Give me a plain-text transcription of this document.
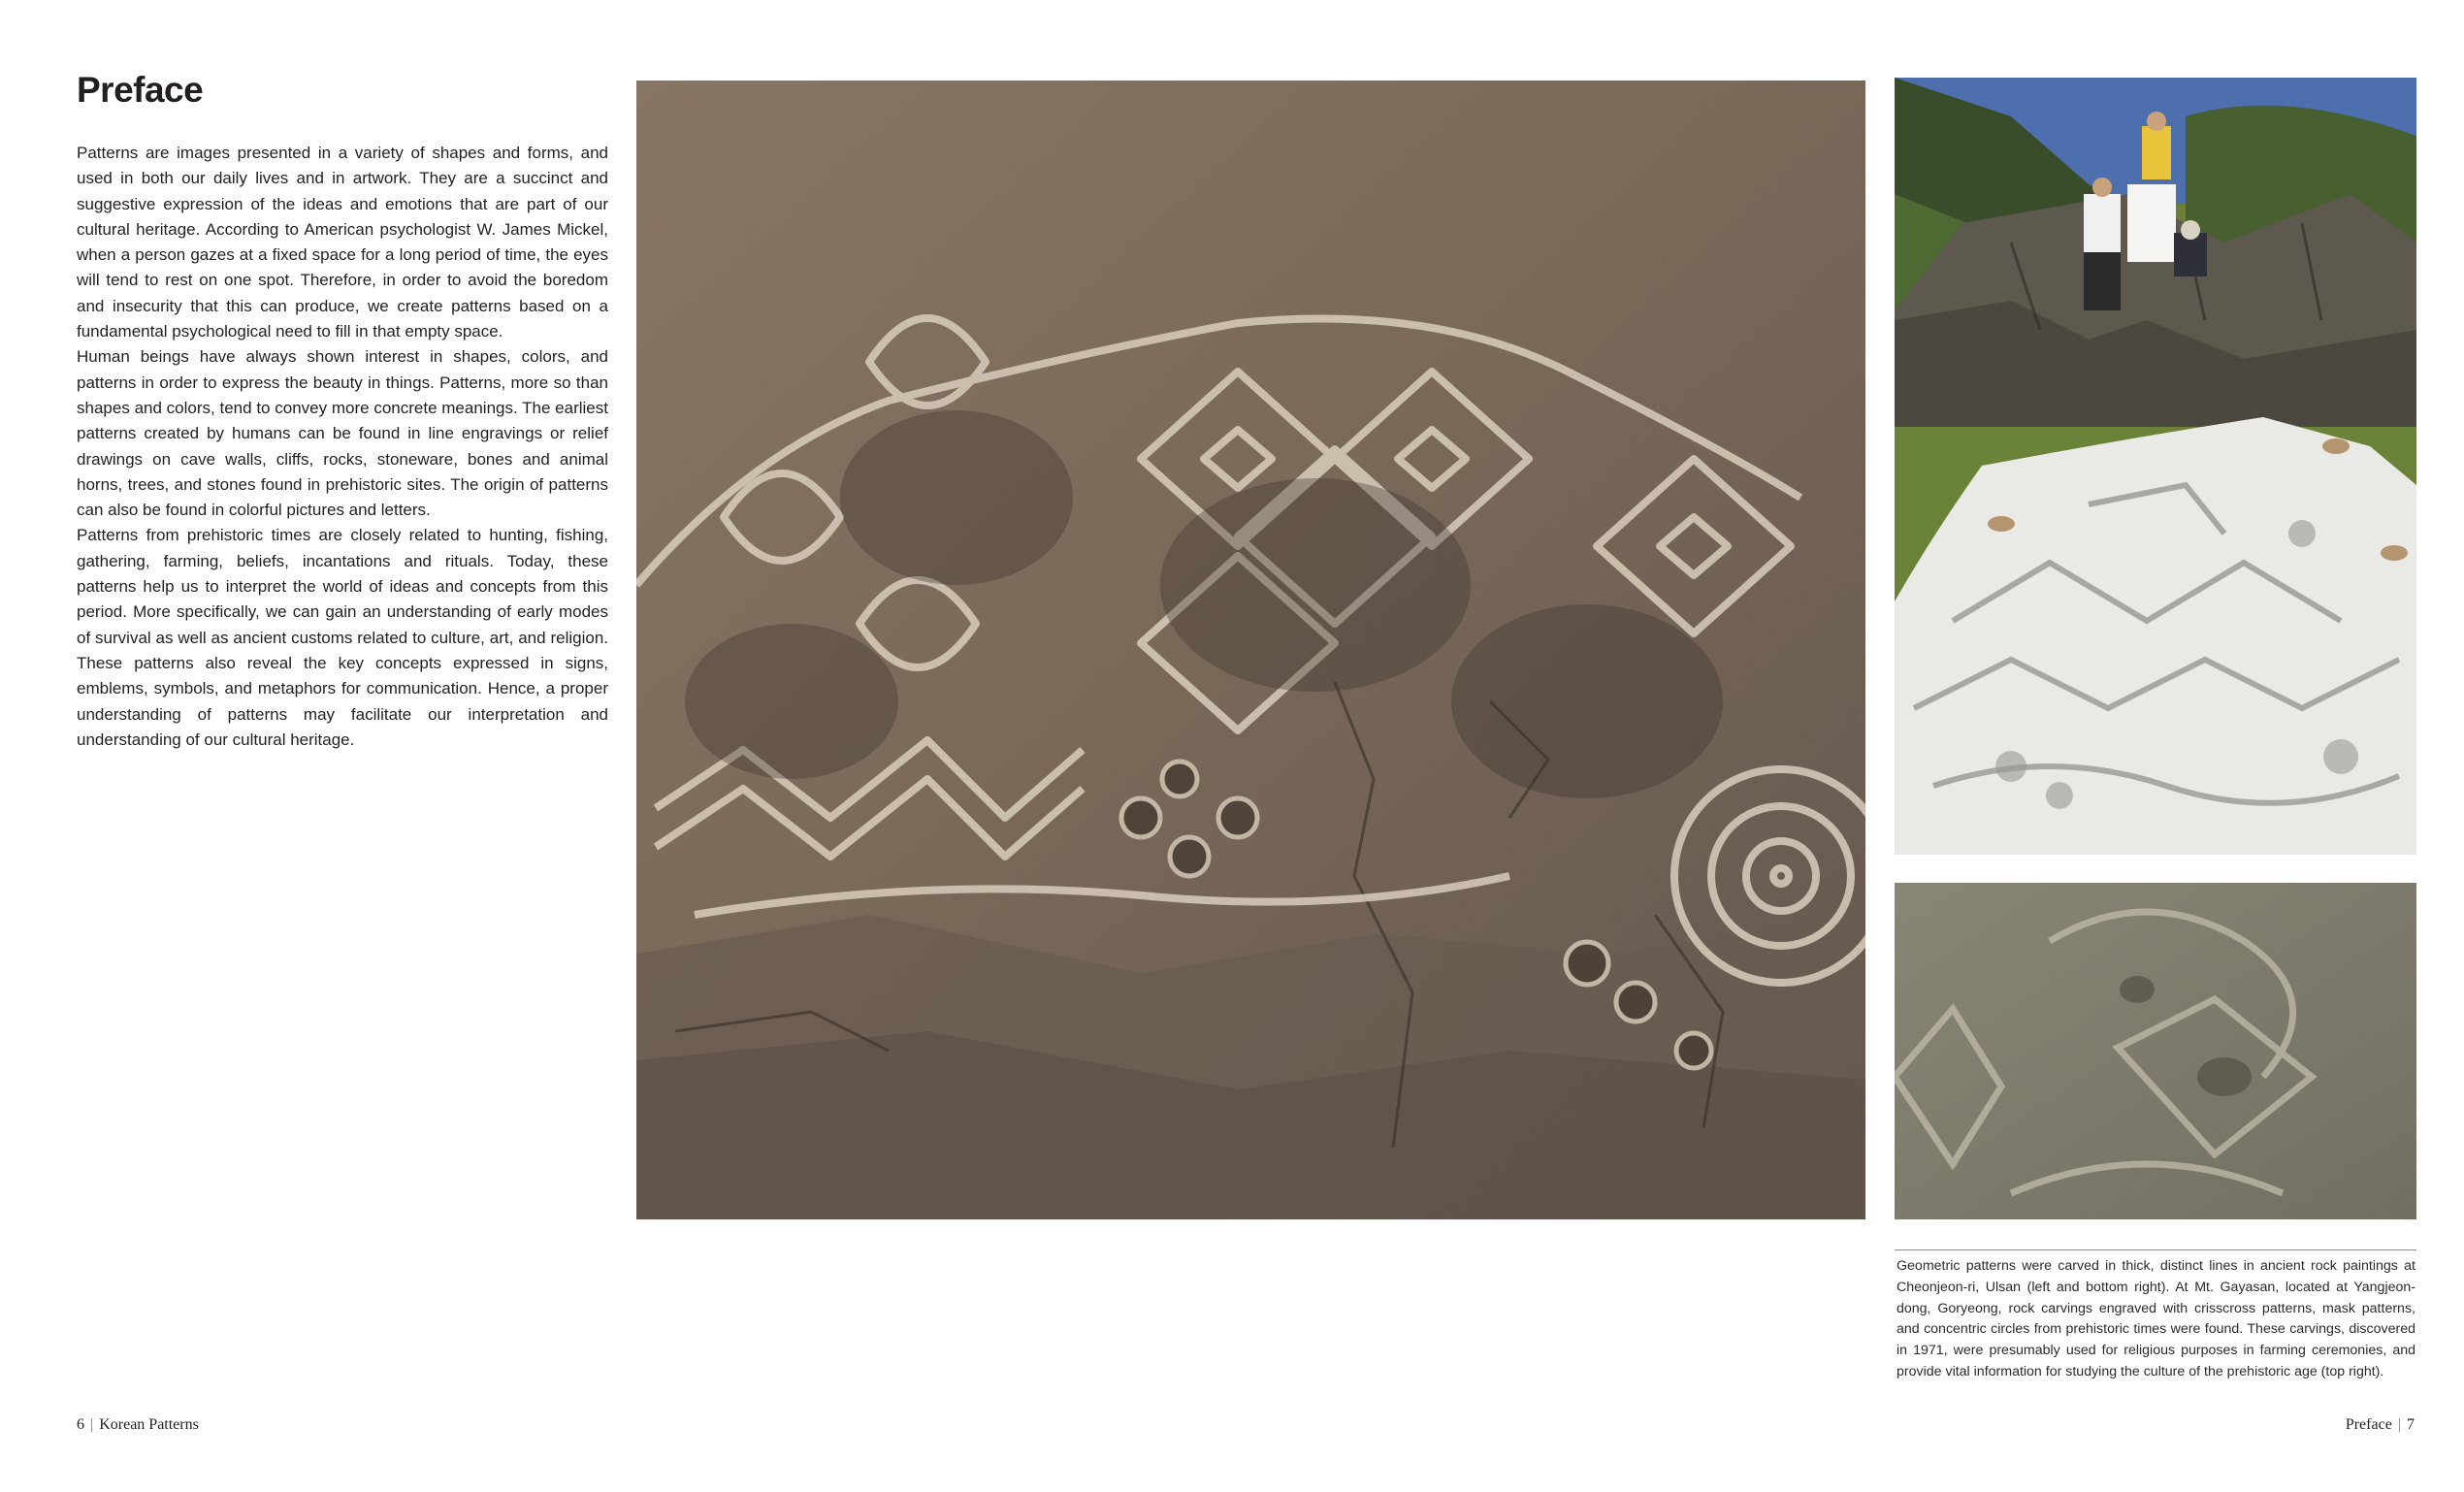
Preface

Patterns are images presented in a variety of shapes and forms, and used in both our daily lives and in artwork. They are a succinct and suggestive expression of the ideas and emotions that are part of our cultural heritage. According to American psychologist W. James Mickel, when a person gazes at a fixed space for a long period of time, the eyes will tend to rest on one spot. Therefore, in order to avoid the boredom and insecurity that this can produce, we create patterns based on a fundamental psychological need to fill in that empty space.

Human beings have always shown interest in shapes, colors, and patterns in order to express the beauty in things. Patterns, more so than shapes and colors, tend to convey more concrete meanings. The earliest patterns created by humans can be found in line engravings or relief drawings on cave walls, cliffs, rocks, stoneware, bones and animal horns, trees, and stones found in prehistoric sites. The origin of patterns can also be found in colorful pictures and letters.

Patterns from prehistoric times are closely related to hunting, fishing, gathering, farming, beliefs, incantations and rituals. Today, these patterns help us to interpret the world of ideas and concepts from this period. More specifically, we can gain an understanding of early modes of survival as well as ancient customs related to culture, art, and religion. These patterns also reveal the key concepts expressed in signs, emblems, symbols, and metaphors for communication. Hence, a proper understanding of patterns may facilitate our interpretation and understanding of our cultural heritage.

Geometric patterns were carved in thick, distinct lines in ancient rock paintings at Cheonjeon-ri, Ulsan (left and bottom right). At Mt. Gayasan, located at Yangjeon-dong, Goryeong, rock carvings engraved with crisscross patterns, mask patterns, and concentric circles from prehistoric times were found. These carvings, discovered in 1971, were presumably used for religious purposes in farming ceremonies, and provide vital information for studying the culture of the prehistoric age (top right).

6 | Korean Patterns	Preface | 7
